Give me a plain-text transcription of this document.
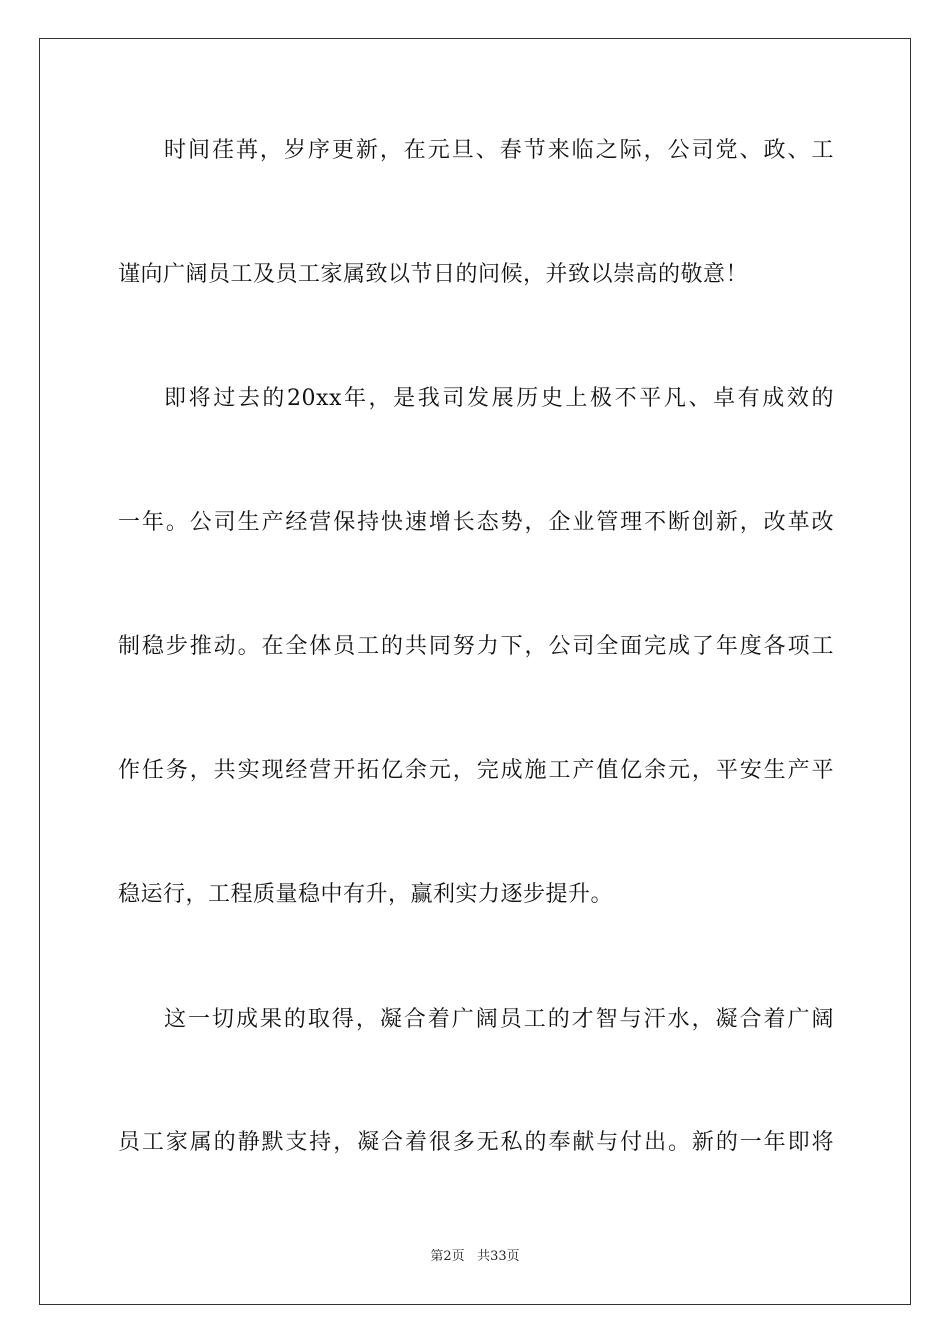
时间荏苒，岁序更新，在元旦、春节来临之际，公司党、政、工
谨向广阔员工及员工家属致以节日的问候，并致以崇高的敬意！
即将过去的20xx年，是我司发展历史上极不平凡、卓有成效的
一年。公司生产经营保持快速增长态势，企业管理不断创新，改革改
制稳步推动。在全体员工的共同努力下，公司全面完成了年度各项工
作任务，共实现经营开拓亿余元，完成施工产值亿余元，平安生产平
稳运行，工程质量稳中有升，赢利实力逐步提升。
这一切成果的取得，凝合着广阔员工的才智与汗水，凝合着广阔
员工家属的静默支持，凝合着很多无私的奉献与付出。新的一年即将
第2页 共33页
